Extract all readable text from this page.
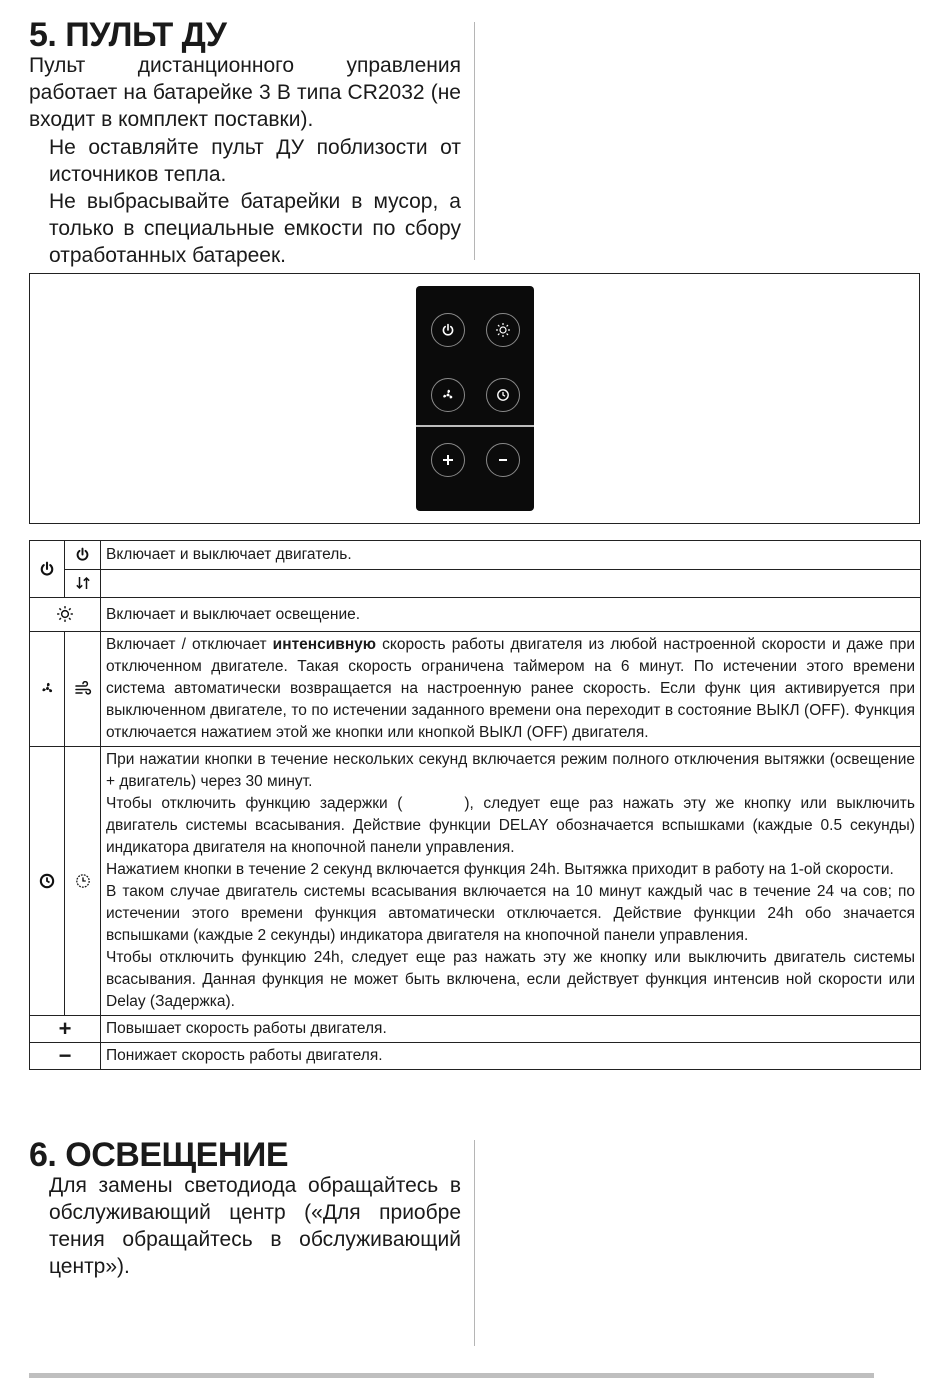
5. ПУЛЬТ ДУ

Пульт дистанционного управления работает на батарейке 3 В типа CR2032 (не входит в комплект поставки).

Не оставляйте пульт ДУ поблизости от источников тепла.

Не выбрасывайте батарейки в мусор, а только в специальные емкости по сбору отработанных батареек.

		Включает и выключает двигатель.

	Включает и выключает освещение.
		Включает / отключает интенсивную скорость работы двигателя из любой настроенной скорости и даже при отключенном двигателе. Такая скорость ограничена таймером на 6 минут. По истечении этого времени система автоматически возвращается на настроенную ранее скорость. Если функ ция активируется при выключенном двигателе, то по истечении заданного времени она переходит в состояние ВЫКЛ (OFF). Функция отключается нажатием этой же кнопки или кнопкой ВЫКЛ (OFF) двигателя.

При нажатии кнопки в течение нескольких секунд включается режим полного отключения вытяжки (освещение + двигатель) через 30 минут.
Чтобы отключить функцию задержки ( ), следует еще раз нажать эту же кнопку или выключить двигатель системы всасывания. Действие функции DELAY обозначается вспышками (каждые 0.5 секунды) индикатора двигателя на кнопочной панели управления.
Нажатием кнопки в течение 2 секунд включается функция 24h. Вытяжка приходит в работу на 1-ой скорости.
В таком случае двигатель системы всасывания включается на 10 минут каждый час в течение 24 ча сов; по истечении этого времени функция автоматически отключается. Действие функции 24h обо значается вспышками (каждые 2 секунды) индикатора двигателя на кнопочной панели управления.
Чтобы отключить функцию 24h, следует еще раз нажать эту же кнопку или выключить двигатель системы всасывания. Данная функция не может быть включена, если действует функция интенсив ной скорости или Delay (Задержка).

+		Повышает скорость работы двигателя.
−		Понижает скорость работы двигателя.
6. ОСВЕЩЕНИЕ

Для замены светодиода обращайтесь в обслуживающий центр («Для приобре тения обращайтесь в обслуживающий центр»).
